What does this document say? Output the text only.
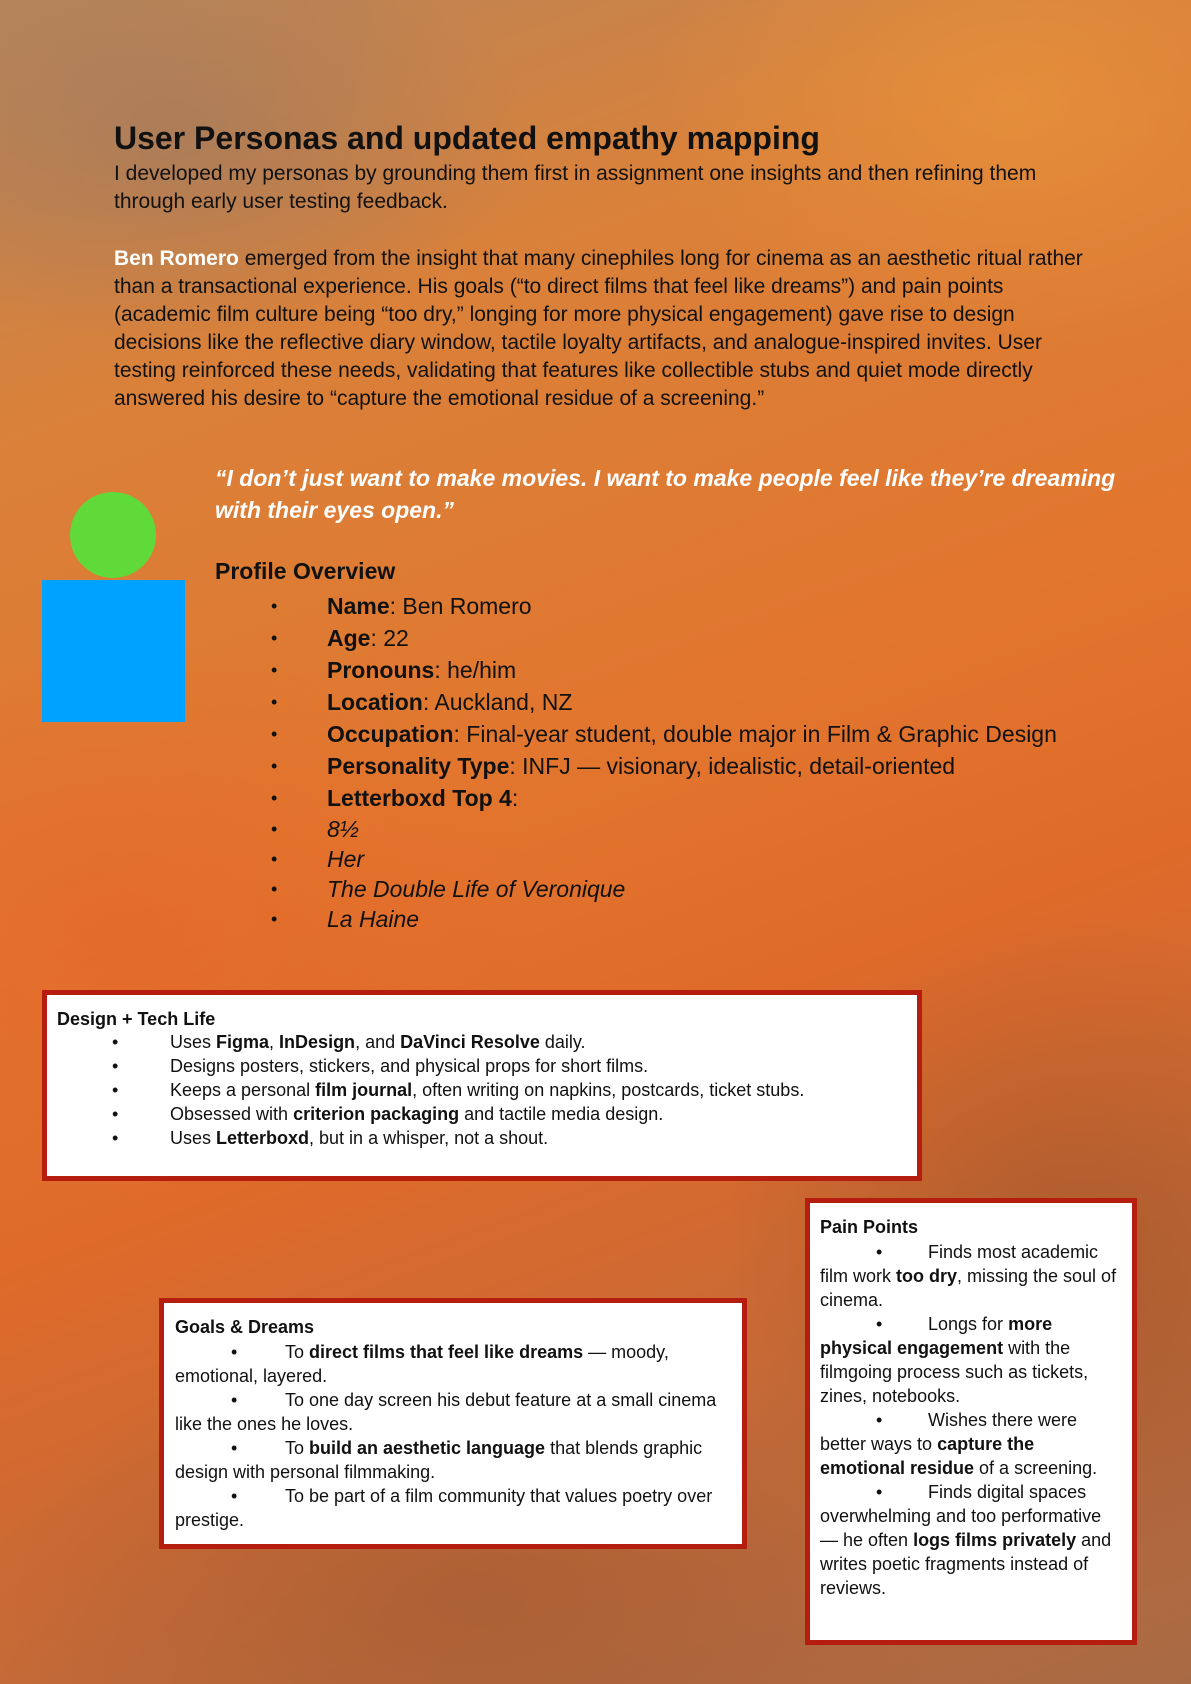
User Personas and updated empathy mapping
I developed my personas by grounding them first in assignment one insights and then refining them through early user testing feedback.
Ben Romero emerged from the insight that many cinephiles long for cinema as an aesthetic ritual rather than a transactional experience. His goals (“to direct films that feel like dreams”) and pain points (academic film culture being “too dry,” longing for more physical engagement) gave rise to design decisions like the reflective diary window, tactile loyalty artifacts, and analogue-inspired invites. User testing reinforced these needs, validating that features like collectible stubs and quiet mode directly answered his desire to “capture the emotional residue of a screening.”
“I don’t just want to make movies. I want to make people feel like they’re dreaming with their eyes open.”
Profile Overview
• Name: Ben Romero
• Age: 22
• Pronouns: he/him
• Location: Auckland, NZ
• Occupation: Final-year student, double major in Film & Graphic Design
• Personality Type: INFJ — visionary, idealistic, detail-oriented
• Letterboxd Top 4:
• 8½
• Her
• The Double Life of Veronique
• La Haine
Design + Tech Life
•	Uses Figma, InDesign, and DaVinci Resolve daily.
•	Designs posters, stickers, and physical props for short films.
•	Keeps a personal film journal, often writing on napkins, postcards, ticket stubs.
•	Obsessed with criterion packaging and tactile media design.
•	Uses Letterboxd, but in a whisper, not a shout.
Goals & Dreams
•	To direct films that feel like dreams — moody, emotional, layered.
•	To one day screen his debut feature at a small cinema like the ones he loves.
•	To build an aesthetic language that blends graphic design with personal filmmaking.
•	To be part of a film community that values poetry over prestige.
Pain Points
•	Finds most academic film work too dry, missing the soul of cinema.
•	Longs for more physical engagement with the filmgoing process such as tickets, zines, notebooks.
•	Wishes there were better ways to capture the emotional residue of a screening.
•	Finds digital spaces overwhelming and too performative — he often logs films privately and writes poetic fragments instead of reviews.
